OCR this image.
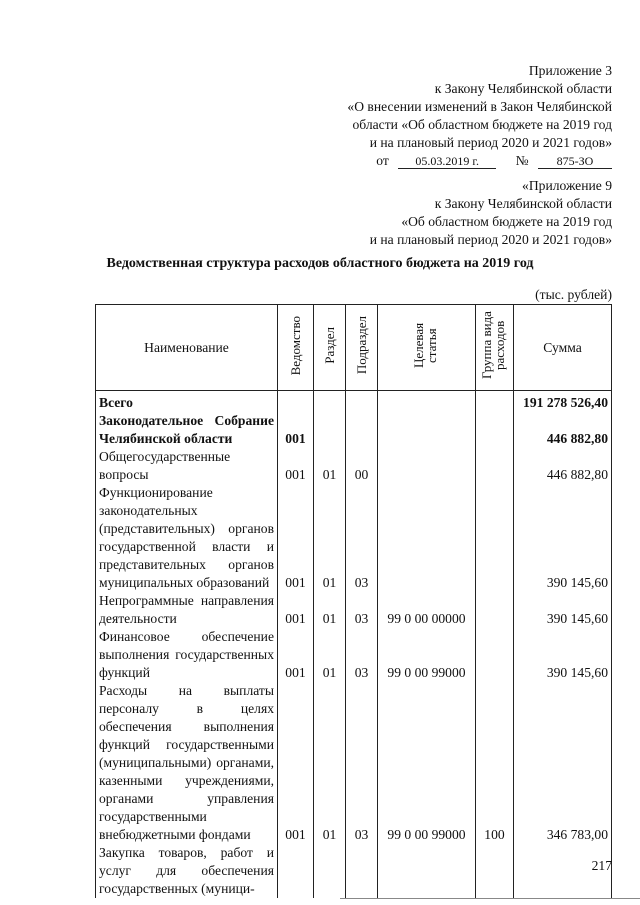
Приложение 3
к Закону Челябинской области
«О внесении изменений в Закон Челябинской
области «Об областном бюджете на 2019 год
и на плановый период 2020 и 2021 годов»
от 05.03.2019 г.	№ 875-ЗО
«Приложение 9
к Закону Челябинской области
«Об областном бюджете на 2019 год
и на плановый период 2020 и 2021 годов»
Ведомственная структура расходов областного бюджета на 2019 год
(тыс. рублей)
Наименование	Ведомство	Раздел	Подраздел	Целевая статья	Группа вида расходов	Сумма
Всего						191 278 526,40
Законодательное Собрание Челябинской области	001					446 882,80
Общегосударственные вопросы	001	01	00			446 882,80
Функционирование законодательных (представительных) органов государственной власти и представительных органов муниципальных образований	001	01	03			390 145,60
Непрограммные направления деятельности	001	01	03	99 0 00 00000		390 145,60
Финансовое обеспечение выполнения государственных функций	001	01	03	99 0 00 99000		390 145,60
Расходы на выплаты персоналу в целях обеспечения выполнения функций государственными (муниципальными) органами, казенными учреждениями, органами управления государственными внебюджетными фондами	001	01	03	99 0 00 99000	100	346 783,00
Закупка товаров, работ и услуг для обеспечения государственных (муници-						
217
